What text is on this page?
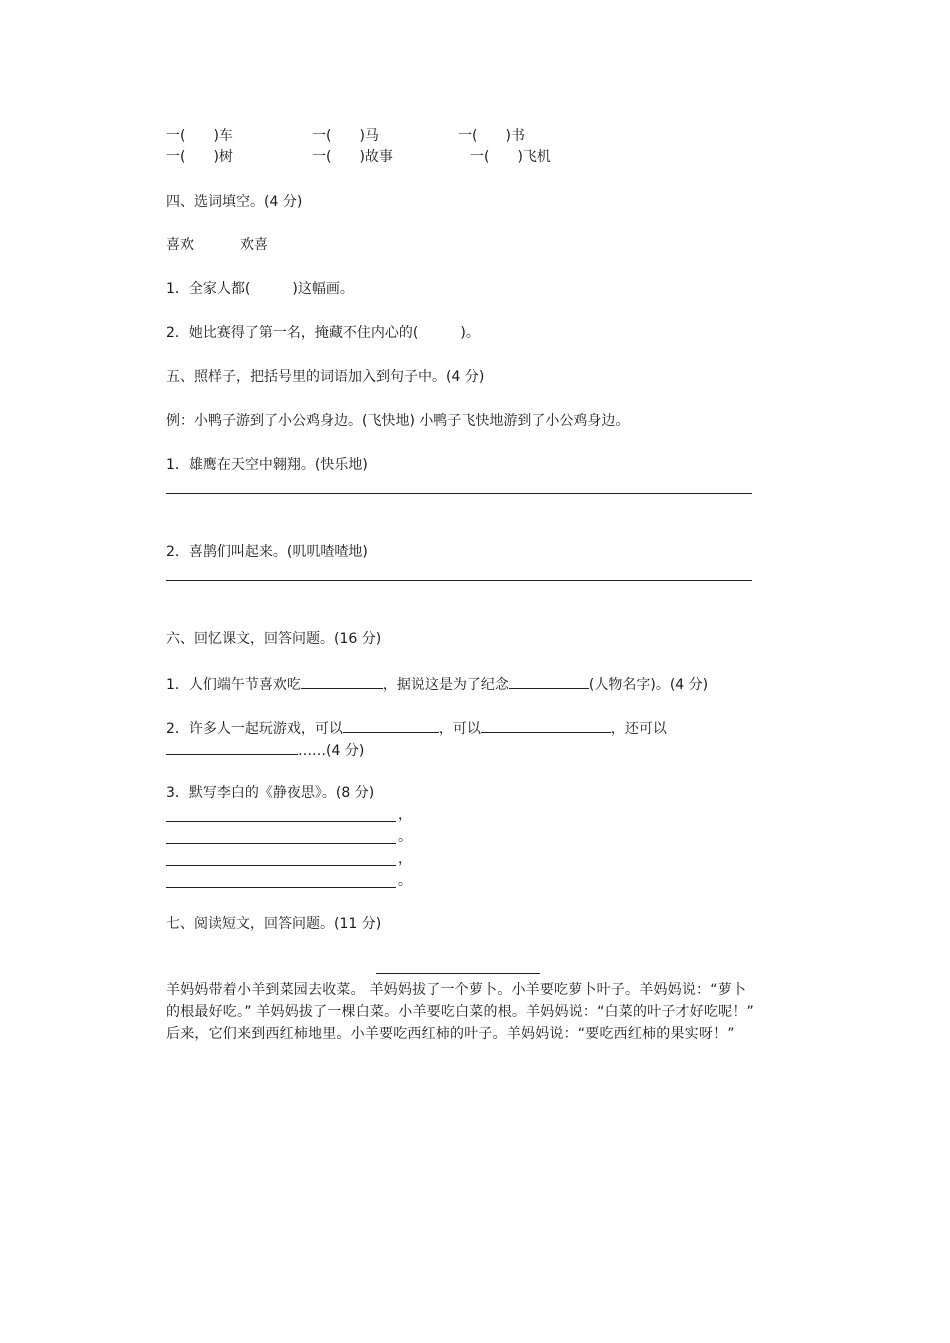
一(　　)车	一(　　)马	一(　　)书
一(　　)树	一(　　)故事	一(　　)飞机
四、选词填空。(4 分)
喜欢	欢喜
1．全家人都(　　　)这幅画。
2．她比赛得了第一名，掩藏不住内心的(　　　)。
五、照样子，把括号里的词语加入到句子中。(4 分)
例：小鸭子游到了小公鸡身边。(飞快地) 小鸭子飞快地游到了小公鸡身边。
1．雄鹰在天空中翱翔。(快乐地)
2．喜鹊们叫起来。(叽叽喳喳地)
六、回忆课文，回答问题。(16 分)
1．人们端午节喜欢吃	，据说这是为了纪念	(人物名字)。(4 分)
2．许多人一起玩游戏，可以	，可以	，还可以
……(4 分)
3．默写李白的《静夜思》。(8 分)
，
。
，
。
七、阅读短文，回答问题。(11 分)
羊妈妈带着小羊到菜园去收菜。 羊妈妈拔了一个萝卜。小羊要吃萝卜叶子。羊妈妈说：“萝卜的根最好吃。” 羊妈妈拔了一棵白菜。小羊要吃白菜的根。羊妈妈说：“白菜的叶子才好吃呢！” 后来，它们来到西红柿地里。小羊要吃西红柿的叶子。羊妈妈说：“要吃西红柿的果实呀！”
